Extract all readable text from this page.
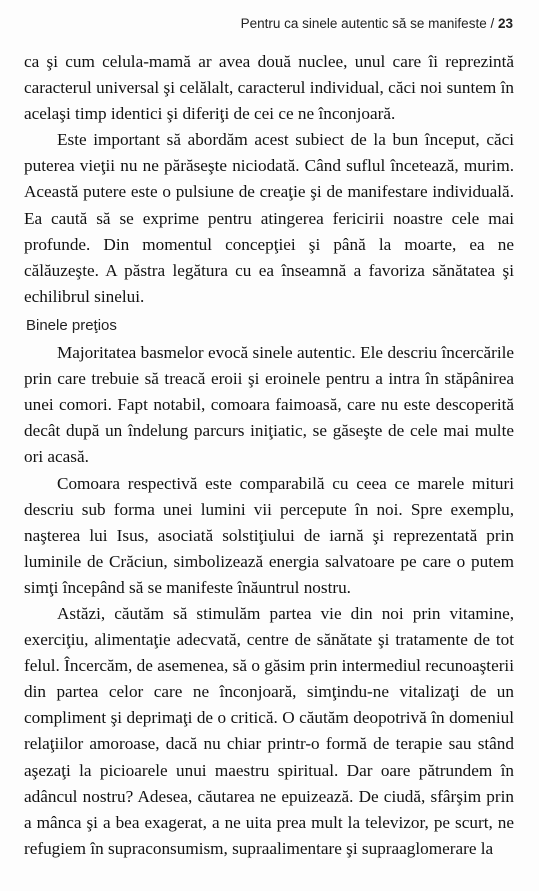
Pentru ca sinele autentic să se manifeste / 23

ca şi cum celula-mamă ar avea două nuclee, unul care îi reprezintă caracterul universal şi celălalt, caracterul individual, căci noi suntem în acelaşi timp identici şi diferiţi de cei ce ne înconjoară.

Este important să abordăm acest subiect de la bun început, căci puterea vieţii nu ne părăseşte niciodată. Când suflul încetează, murim. Această putere este o pulsiune de creaţie şi de manifestare individuală. Ea caută să se exprime pentru atingerea fericirii noastre cele mai profunde. Din momentul concepţiei şi până la moarte, ea ne călăuzeşte. A păstra legătura cu ea înseamnă a favoriza sănătatea şi echilibrul sinelui.

Binele preţios

Majoritatea basmelor evocă sinele autentic. Ele descriu încercările prin care trebuie să treacă eroii şi eroinele pentru a intra în stăpânirea unei comori. Fapt notabil, comoara faimoasă, care nu este descoperită decât după un îndelung parcurs iniţiatic, se găseşte de cele mai multe ori acasă.

Comoara respectivă este comparabilă cu ceea ce marele mituri descriu sub forma unei lumini vii percepute în noi. Spre exemplu, naşterea lui Isus, asociată solstiţiului de iarnă şi reprezentată prin luminile de Crăciun, simbolizează energia salvatoare pe care o putem simţi începând să se manifeste înăuntrul nostru.

Astăzi, căutăm să stimulăm partea vie din noi prin vitamine, exerciţiu, alimentaţie adecvată, centre de sănătate şi tratamente de tot felul. Încercăm, de asemenea, să o găsim prin intermediul recunoaşterii din partea celor care ne înconjoară, simţindu-ne vitalizaţi de un compliment şi deprimaţi de o critică. O căutăm deopotrivă în domeniul relaţiilor amoroase, dacă nu chiar printr-o formă de terapie sau stând aşezaţi la picioarele unui maestru spiritual. Dar oare pătrundem în adâncul nostru? Adesea, căutarea ne epuizează. De ciudă, sfârşim prin a mânca şi a bea exagerat, a ne uita prea mult la televizor, pe scurt, ne refugiem în supraconsumism, supraalimentare şi supraaglomerare la
